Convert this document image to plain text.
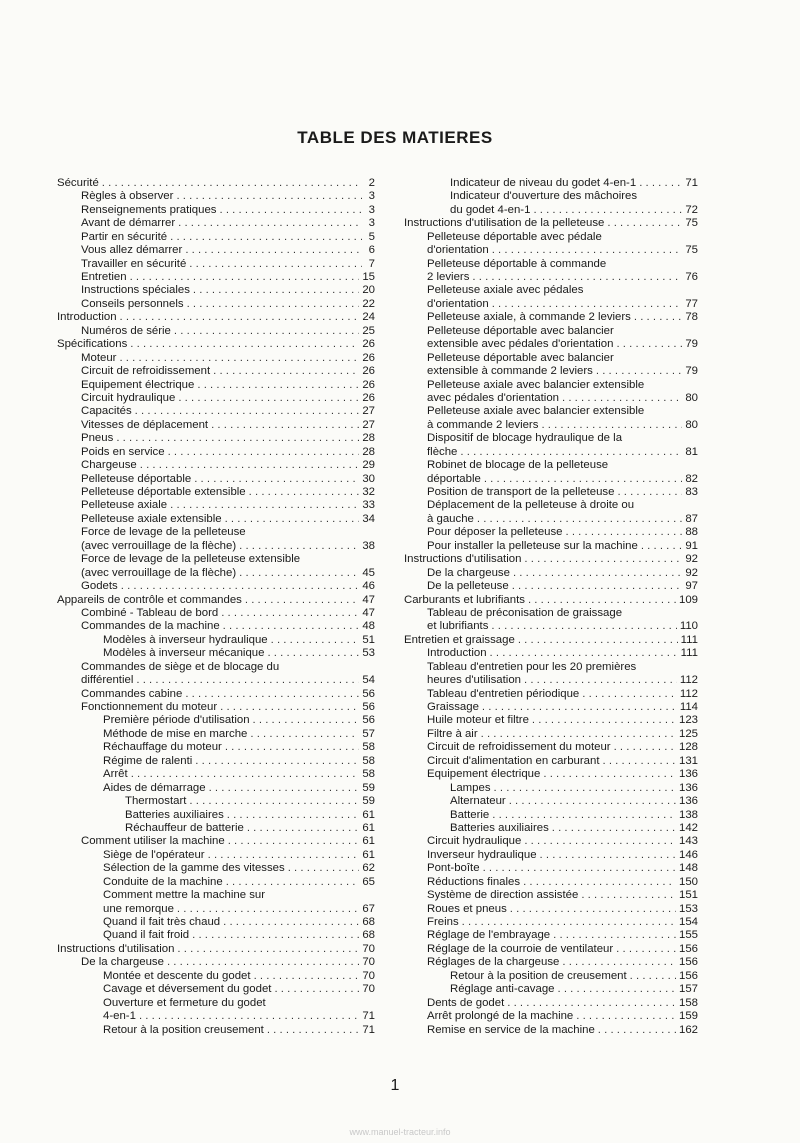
TABLE DES MATIERES
Sécurité . . .	2
Règles à observer . . .	3
Renseignements pratiques . . .	3
Avant de démarrer . . .	3
Partir en sécurité . . .	5
Vous allez démarrer . . .	6
Travailler en sécurité . . .	7
Entretien . . .	15
Instructions spéciales . . .	20
Conseils personnels . . .	22
Introduction . . .	24
Numéros de série . . .	25
Spécifications . . .	26
Moteur . . .	26
Circuit de refroidissement . . .	26
Equipement électrique . . .	26
Circuit hydraulique . . .	26
Capacités . . .	27
Vitesses de déplacement . . .	27
Pneus . . .	28
Poids en service . . .	28
Chargeuse . . .	29
Pelleteuse déportable . . .	30
Pelleteuse déportable extensible . . .	32
Pelleteuse axiale . . .	33
Pelleteuse axiale extensible . . .	34
Force de levage de la pelleteuse
(avec verrouillage de la flèche) . . .	38
Force de levage de la pelleteuse extensible
(avec verrouillage de la flèche) . . .	45
Godets . . .	46
Appareils de contrôle et commandes . . .	47
Combiné - Tableau de bord . . .	47
Commandes de la machine . . .	48
Modèles à inverseur hydraulique . . .	51
Modèles à inverseur mécanique . . .	53
Commandes de siège et de blocage du
différentiel . . .	54
Commandes cabine . . .	56
Fonctionnement du moteur . . .	56
Première période d'utilisation . . .	56
Méthode de mise en marche . . .	57
Réchauffage du moteur . . .	58
Régime de ralenti . . .	58
Arrêt . . .	58
Aides de démarrage . . .	59
Thermostart . . .	59
Batteries auxiliaires . . .	61
Réchauffeur de batterie . . .	61
Comment utiliser la machine . . .	61
Siège de l'opérateur . . .	61
Sélection de la gamme des vitesses . . .	62
Conduite de la machine . . .	65
Comment mettre la machine sur
une remorque . . .	67
Quand il fait très chaud . . .	68
Quand il fait froid . . .	68
Instructions d'utilisation . . .	70
De la chargeuse . . .	70
Montée et descente du godet . . .	70
Cavage et déversement du godet . . .	70
Ouverture et fermeture du godet
4-en-1 . . .	71
Retour à la position creusement . . .	71
Indicateur de niveau du godet 4-en-1 . . .	71
Indicateur d'ouverture des mâchoires
du godet 4-en-1 . . .	72
Instructions d'utilisation de la pelleteuse . . .	75
Pelleteuse déportable avec pédale
d'orientation . . .	75
Pelleteuse déportable à commande
2 leviers . . .	76
Pelleteuse axiale avec pédales
d'orientation . . .	77
Pelleteuse axiale, à commande 2 leviers . . .	78
Pelleteuse déportable avec balancier
extensible avec pédales d'orientation . . .	79
Pelleteuse déportable avec balancier
extensible à commande 2 leviers . . .	79
Pelleteuse axiale avec balancier extensible
avec pédales d'orientation . . .	80
Pelleteuse axiale avec balancier extensible
à commande 2 leviers . . .	80
Dispositif de blocage hydraulique de la
flèche . . .	81
Robinet de blocage de la pelleteuse
déportable . . .	82
Position de transport de la pelleteuse . . .	83
Déplacement de la pelleteuse à droite ou
à gauche . . .	87
Pour déposer la pelleteuse . . .	88
Pour installer la pelleteuse sur la machine . . .	91
Instructions d'utilisation . . .	92
De la chargeuse . . .	92
De la pelleteuse . . .	97
Carburants et lubrifiants . . .	109
Tableau de préconisation de graissage
et lubrifiants . . .	110
Entretien et graissage . . .	111
Introduction . . .	111
Tableau d'entretien pour les 20 premières
heures d'utilisation . . .	112
Tableau d'entretien périodique . . .	112
Graissage . . .	114
Huile moteur et filtre . . .	123
Filtre à air . . .	125
Circuit de refroidissement du moteur . . .	128
Circuit d'alimentation en carburant . . .	131
Equipement électrique . . .	136
Lampes . . .	136
Alternateur . . .	136
Batterie . . .	138
Batteries auxiliaires . . .	142
Circuit hydraulique . . .	143
Inverseur hydraulique . . .	146
Pont-boîte . . .	148
Réductions finales . . .	150
Système de direction assistée . . .	151
Roues et pneus . . .	153
Freins . . .	154
Réglage de l'embrayage . . .	155
Réglage de la courroie de ventilateur . . .	156
Réglages de la chargeuse . . .	156
Retour à la position de creusement . . .	156
Réglage anti-cavage . . .	157
Dents de godet . . .	158
Arrêt prolongé de la machine . . .	159
Remise en service de la machine . . .	162
1
www.manuel-tracteur.info
